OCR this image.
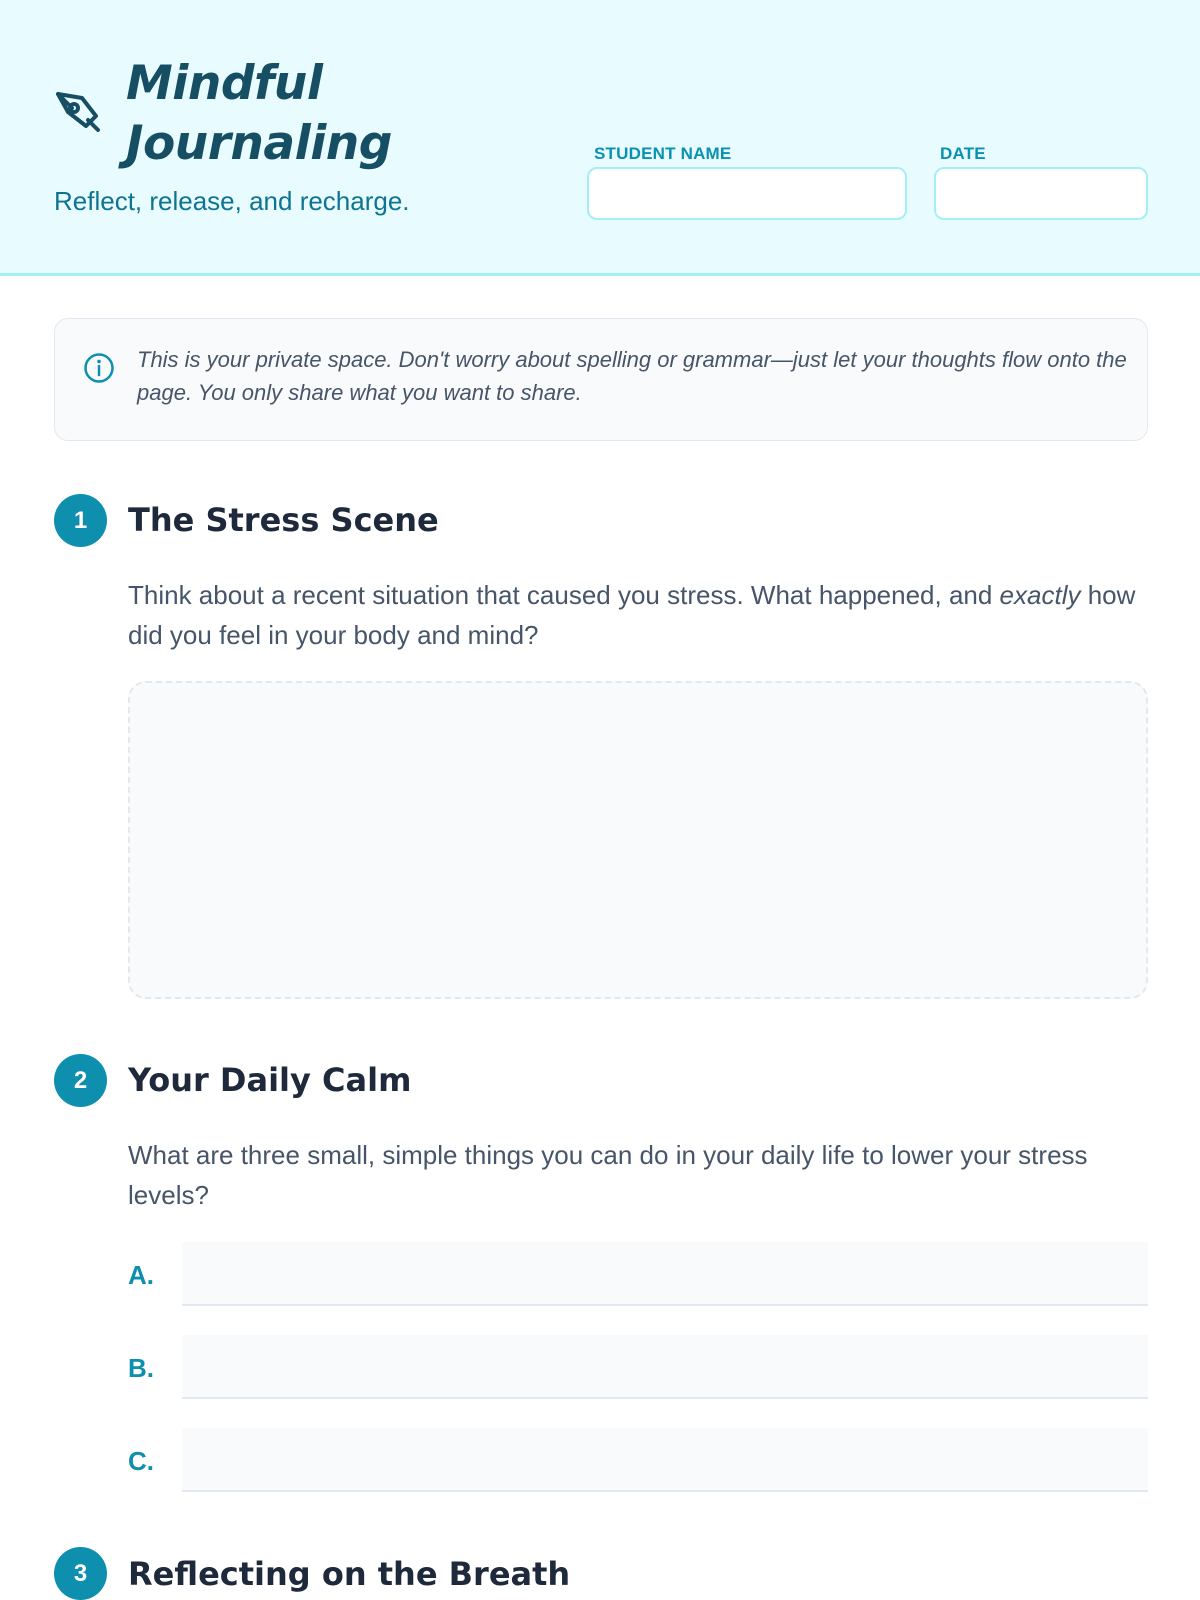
Mindful Journaling
Reflect, release, and recharge.
STUDENT NAME	DATE
This is your private space. Don't worry about spelling or grammar—just let your thoughts flow onto the page. You only share what you want to share.
1	The Stress Scene
Think about a recent situation that caused you stress. What happened, and exactly how did you feel in your body and mind?
2	Your Daily Calm
What are three small, simple things you can do in your daily life to lower your stress levels?
A.
B.
C.
3	Reflecting on the Breath
